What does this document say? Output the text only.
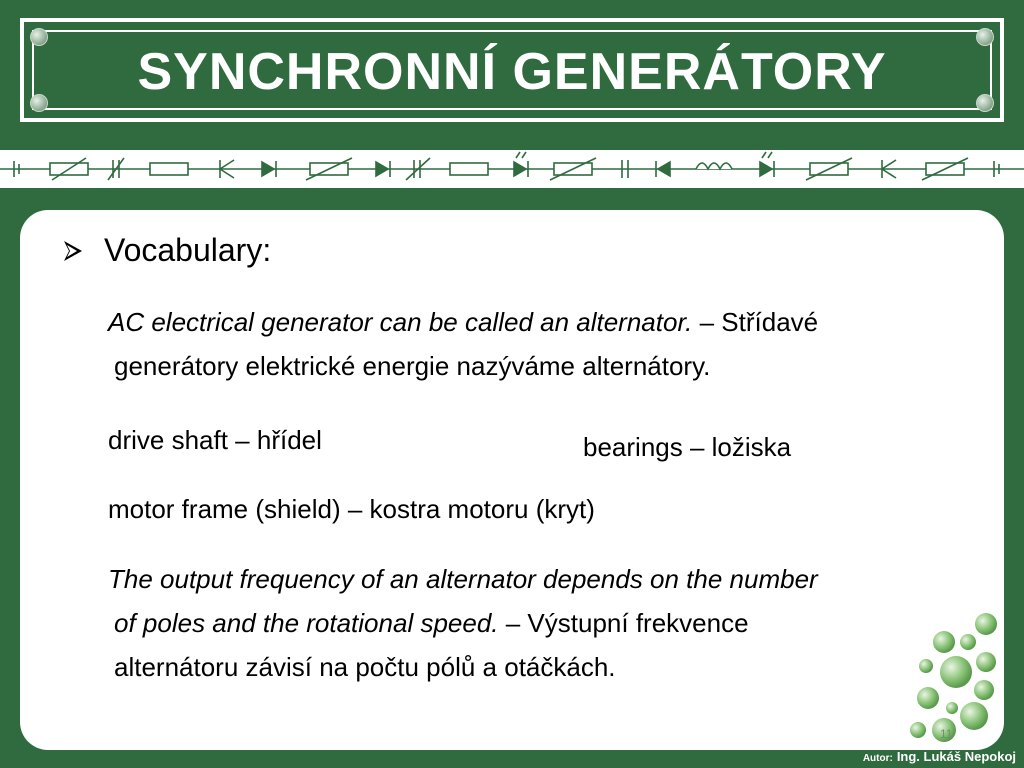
SYNCHRONNÍ GENERÁTORY
Vocabulary:
AC electrical generator can be called an alternator. – Střídavé
generátory elektrické energie nazýváme alternátory.
drive shaft – hřídel	bearings – ložiska
motor frame (shield) – kostra motoru (kryt)
The output frequency of an alternator depends on the number
of poles and the rotational speed. – Výstupní frekvence
alternátoru závisí na počtu pólů a otáčkách.
11
Autor: Ing. Lukáš Nepokoj
